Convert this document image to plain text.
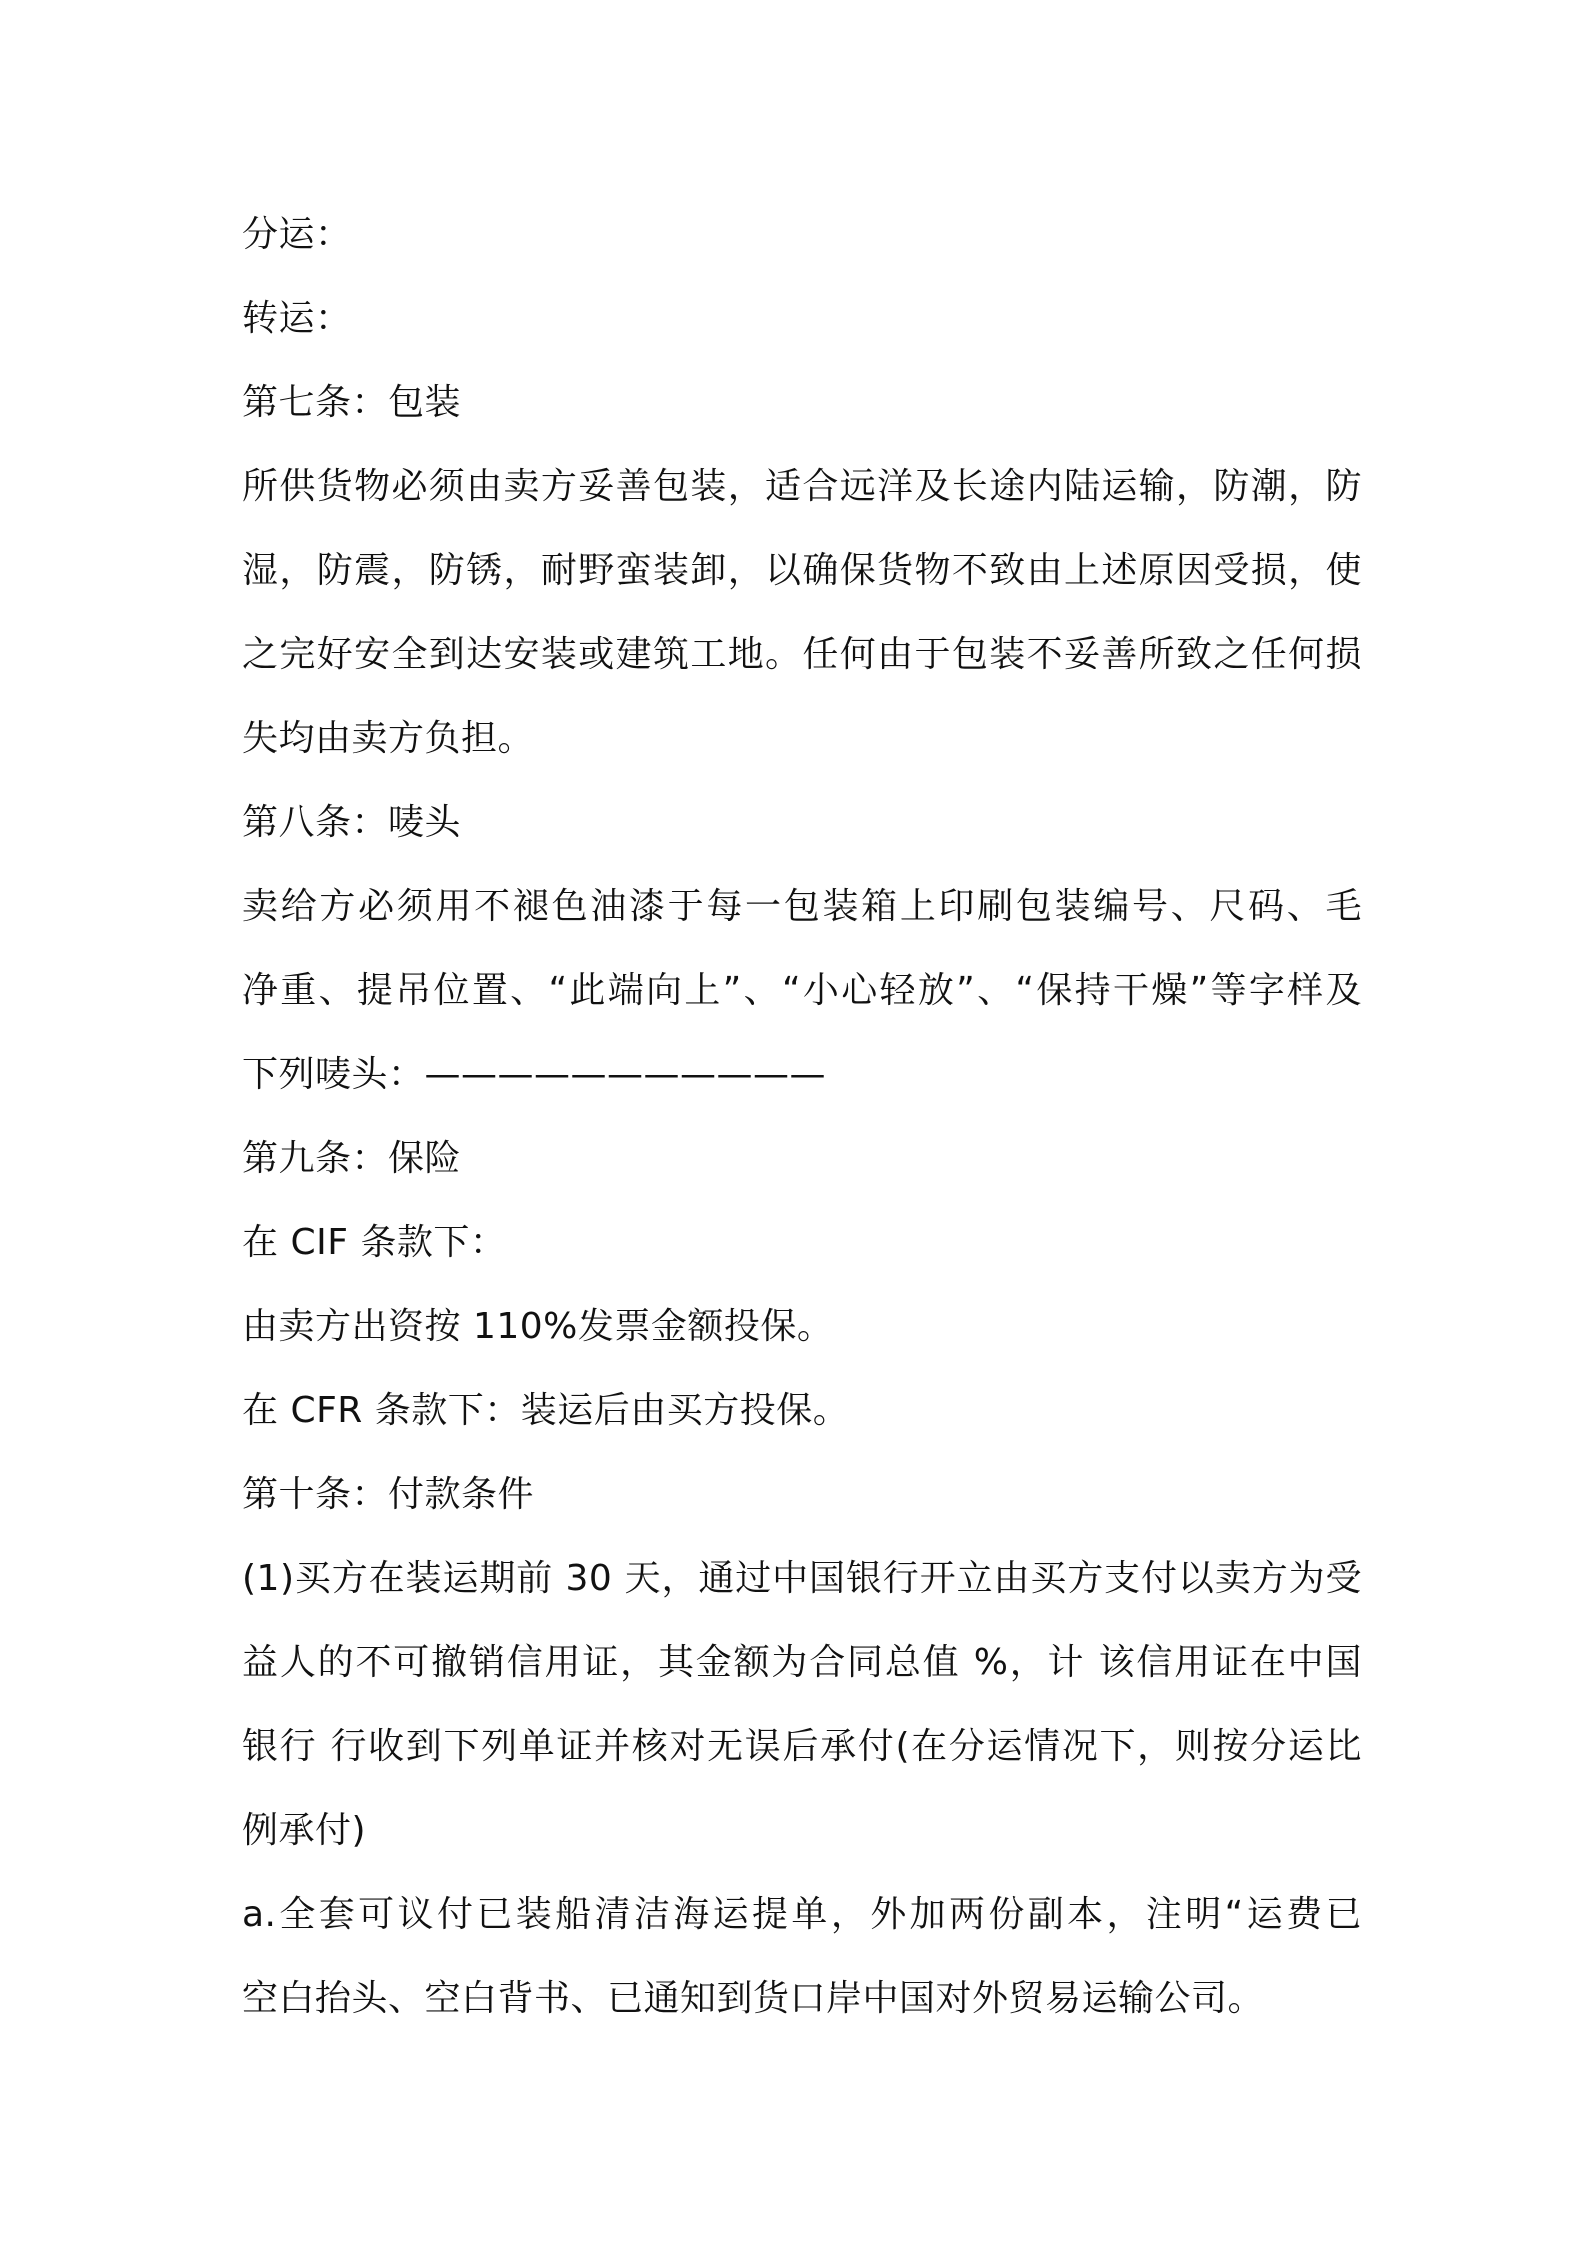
分运：
转运：
第七条：包装
所供货物必须由卖方妥善包装，适合远洋及长途内陆运输，防潮，防
湿，防震，防锈，耐野蛮装卸，以确保货物不致由上述原因受损，使
之完好安全到达安装或建筑工地。任何由于包装不妥善所致之任何损
失均由卖方负担。
第八条：唛头
卖给方必须用不褪色油漆于每一包装箱上印刷包装编号、尺码、毛
净重、提吊位置、“此端向上”、“小心轻放”、“保持干燥”等字样及
下列唛头：———————————
第九条：保险
在 CIF 条款下：
由卖方出资按 110%发票金额投保。
在 CFR 条款下：装运后由买方投保。
第十条：付款条件
(1)买方在装运期前 30 天，通过中国银行开立由买方支付以卖方为受
益人的不可撤销信用证，其金额为合同总值 %，计 该信用证在中国
银行 行收到下列单证并核对无误后承付(在分运情况下，则按分运比
例承付)
a.全套可议付已装船清洁海运提单，外加两份副本，注明“运费已
空白抬头、空白背书、已通知到货口岸中国对外贸易运输公司。
